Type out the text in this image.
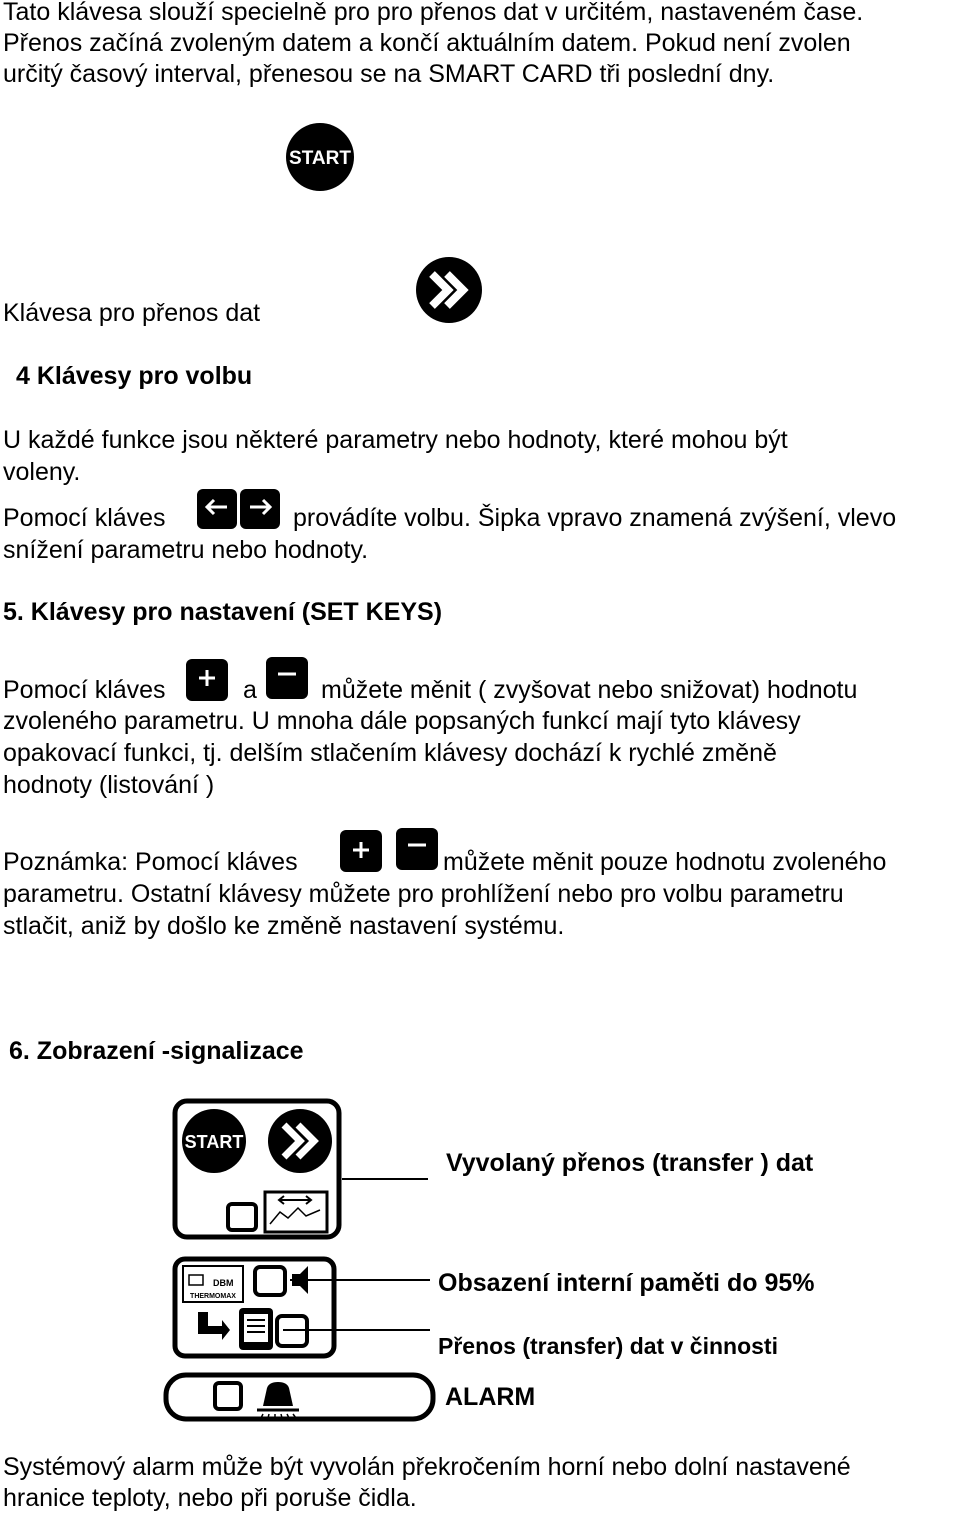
Tato klávesa slouží specielně pro pro přenos dat v určitém, nastaveném čase.
Přenos začíná zvoleným datem a končí aktuálním datem. Pokud není zvolen
určitý časový interval, přenesou se na SMART CARD tři poslední dny.
START
Klávesa pro přenos dat
4 Klávesy pro volbu
U každé funkce jsou některé parametry nebo hodnoty, které mohou být
voleny.
Pomocí kláves	provádíte volbu. Šipka vpravo znamená zvýšení, vlevo
snížení parametru nebo hodnoty.
5. Klávesy pro nastavení (SET KEYS)
Pomocí kláves	a	můžete měnit ( zvyšovat nebo snižovat) hodnotu
zvoleného parametru. U mnoha dále popsaných funkcí mají tyto klávesy
opakovací funkci, tj. delším stlačením klávesy dochází k rychlé změně
hodnoty (listování )
Poznámka: Pomocí kláves	můžete měnit pouze hodnotu zvoleného
parametru. Ostatní klávesy můžete pro prohlížení nebo pro volbu parametru
stlačit, aniž by došlo ke změně nastavení systému.
6. Zobrazení -signalizace
START
Vyvolaný přenos (transfer ) dat
DBM
THERMOMAX	Obsazení interní paměti do 95%
Přenos (transfer) dat v činnosti
ALARM
Systémový alarm může být vyvolán překročením horní nebo dolní nastavené
hranice teploty, nebo při poruše čidla.
